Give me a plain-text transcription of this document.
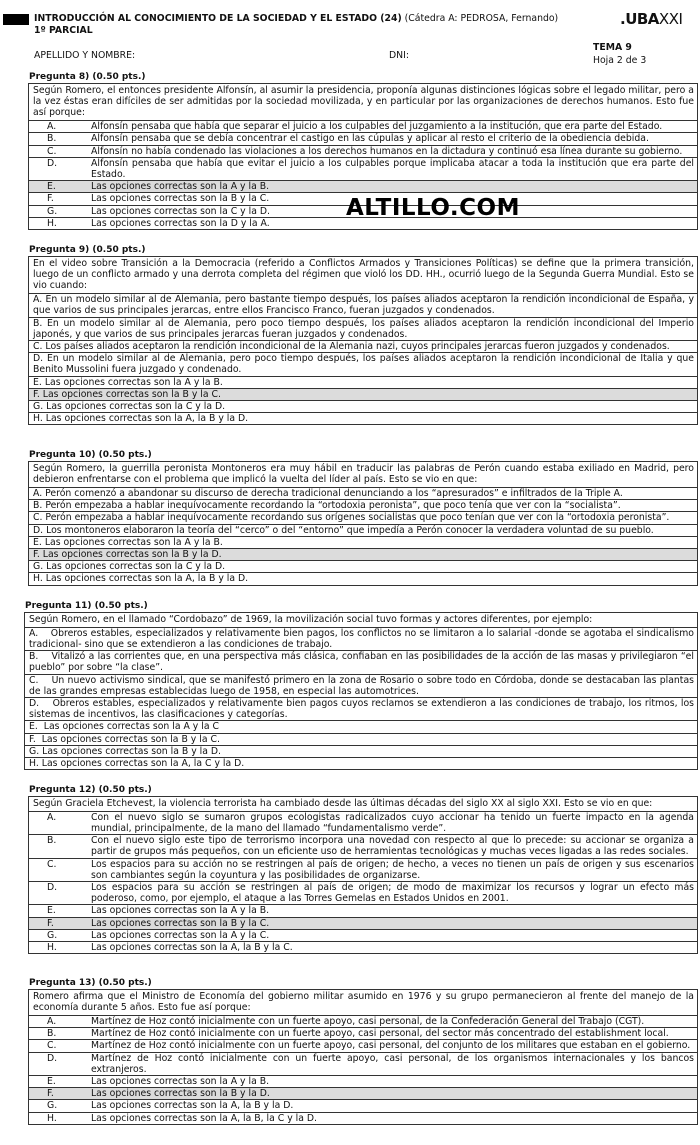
INTRODUCCIÓN AL CONOCIMIENTO DE LA SOCIEDAD Y EL ESTADO (24) (Cátedra A: PEDROSA, Fernando)
1º PARCIAL
.UBAXXI
APELLIDO Y NOMBRE:	DNI:
TEMA 9
Hoja 2 de 3
Pregunta 8) (0.50 pts.)
Según Romero, el entonces presidente Alfonsín, al asumir la presidencia, proponía algunas distinciones lógicas sobre el legado militar, pero a la vez éstas eran difíciles de ser admitidas por la sociedad movilizada, y en particular por las organizaciones de derechos humanos. Esto fue así porque:
A.	Alfonsín pensaba que había que separar el juicio a los culpables del juzgamiento a la institución, que era parte del Estado.
B.	Alfonsín pensaba que se debía concentrar el castigo en las cúpulas y aplicar al resto el criterio de la obediencia debida.
C.	Alfonsín no había condenado las violaciones a los derechos humanos en la dictadura y continuó esa línea durante su gobierno.
D.	Alfonsín pensaba que había que evitar el juicio a los culpables porque implicaba atacar a toda la institución que era parte del Estado.
E.	Las opciones correctas son la A y la B.
F.	Las opciones correctas son la B y la C.
G.	Las opciones correctas son la C y la D.
H.	Las opciones correctas son la D y la A.
ALTILLO.COM
Pregunta 9) (0.50 pts.)
En el video sobre Transición a la Democracia (referido a Conflictos Armados y Transiciones Políticas) se define que la primera transición, luego de un conflicto armado y una derrota completa del régimen que violó los DD. HH., ocurrió luego de la Segunda Guerra Mundial. Esto se vio cuando:
A. En un modelo similar al de Alemania, pero bastante tiempo después, los países aliados aceptaron la rendición incondicional de España, y que varios de sus principales jerarcas, entre ellos Francisco Franco, fueran juzgados y condenados.
B. En un modelo similar al de Alemania, pero poco tiempo después, los países aliados aceptaron la rendición incondicional del Imperio japonés, y que varios de sus principales jerarcas fueran juzgados y condenados.
C. Los países aliados aceptaron la rendición incondicional de la Alemania nazi, cuyos principales jerarcas fueron juzgados y condenados.
D. En un modelo similar al de Alemania, pero poco tiempo después, los países aliados aceptaron la rendición incondicional de Italia y que Benito Mussolini fuera juzgado y condenado.
E. Las opciones correctas son la A y la B.
F. Las opciones correctas son la B y la C.
G. Las opciones correctas son la C y la D.
H. Las opciones correctas son la A, la B y la D.
Pregunta 10) (0.50 pts.)
Según Romero, la guerrilla peronista Montoneros era muy hábil en traducir las palabras de Perón cuando estaba exiliado en Madrid, pero debieron enfrentarse con el problema que implicó la vuelta del líder al país. Esto se vio en que:
A. Perón comenzó a abandonar su discurso de derecha tradicional denunciando a los “apresurados” e infiltrados de la Triple A.
B. Perón empezaba a hablar inequívocamente recordando la “ortodoxia peronista”, que poco tenía que ver con la “socialista”.
C. Perón empezaba a hablar inequívocamente recordando sus orígenes socialistas que poco tenían que ver con la “ortodoxia peronista”.
D. Los montoneros elaboraron la teoría del “cerco” o del “entorno” que impedía a Perón conocer la verdadera voluntad de su pueblo.
E. Las opciones correctas son la A y la B.
F. Las opciones correctas son la B y la D.
G. Las opciones correctas son la C y la D.
H. Las opciones correctas son la A, la B y la D.
Pregunta 11) (0.50 pts.)
Según Romero, en el llamado “Cordobazo” de 1969, la movilización social tuvo formas y actores diferentes, por ejemplo:
A. Obreros estables, especializados y relativamente bien pagos, los conflictos no se limitaron a lo salarial -donde se agotaba el sindicalismo tradicional- sino que se extendieron a las condiciones de trabajo.
B. Vitalizó a las corrientes que, en una perspectiva más clásica, confiaban en las posibilidades de la acción de las masas y privilegiaron “el pueblo” por sobre “la clase”.
C. Un nuevo activismo sindical, que se manifestó primero en la zona de Rosario o sobre todo en Córdoba, donde se destacaban las plantas de las grandes empresas establecidas luego de 1958, en especial las automotrices.
D. Obreros estables, especializados y relativamente bien pagos cuyos reclamos se extendieron a las condiciones de trabajo, los ritmos, los sistemas de incentivos, las clasificaciones y categorías.
E. Las opciones correctas son la A y la C
F. Las opciones correctas son la B y la C.
G. Las opciones correctas son la B y la D.
H. Las opciones correctas son la A, la C y la D.
Pregunta 12) (0.50 pts.)
Según Graciela Etchevest, la violencia terrorista ha cambiado desde las últimas décadas del siglo XX al siglo XXI. Esto se vio en que:
A.	Con el nuevo siglo se sumaron grupos ecologistas radicalizados cuyo accionar ha tenido un fuerte impacto en la agenda mundial, principalmente, de la mano del llamado “fundamentalismo verde”.
B.	Con el nuevo siglo este tipo de terrorismo incorpora una novedad con respecto al que lo precede: su accionar se organiza a partir de grupos más pequeños, con un eficiente uso de herramientas tecnológicas y muchas veces ligadas a las redes sociales.
C.	Los espacios para su acción no se restringen al país de origen; de hecho, a veces no tienen un país de origen y sus escenarios son cambiantes según la coyuntura y las posibilidades de organizarse.
D.	Los espacios para su acción se restringen al país de origen; de modo de maximizar los recursos y lograr un efecto más poderoso, como, por ejemplo, el ataque a las Torres Gemelas en Estados Unidos en 2001.
E.	Las opciones correctas son la A y la B.
F.	Las opciones correctas son la B y la C.
G.	Las opciones correctas son la A y la C.
H.	Las opciones correctas son la A, la B y la C.
Pregunta 13) (0.50 pts.)
Romero afirma que el Ministro de Economía del gobierno militar asumido en 1976 y su grupo permanecieron al frente del manejo de la economía durante 5 años. Esto fue así porque:
A.	Martínez de Hoz contó inicialmente con un fuerte apoyo, casi personal, de la Confederación General del Trabajo (CGT).
B.	Martínez de Hoz contó inicialmente con un fuerte apoyo, casi personal, del sector más concentrado del establishment local.
C.	Martínez de Hoz contó inicialmente con un fuerte apoyo, casi personal, del conjunto de los militares que estaban en el gobierno.
D.	Martínez de Hoz contó inicialmente con un fuerte apoyo, casi personal, de los organismos internacionales y los bancos extranjeros.
E.	Las opciones correctas son la A y la B.
F.	Las opciones correctas son la B y la D.
G.	Las opciones correctas son la A, la B y la D.
H.	Las opciones correctas son la A, la B, la C y la D.
